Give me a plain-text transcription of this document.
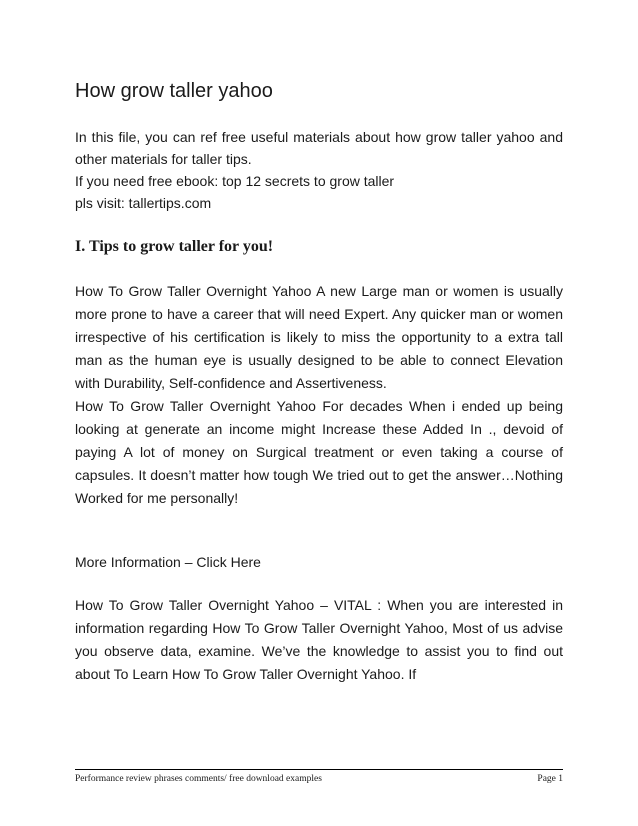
How grow taller yahoo

In this file, you can ref free useful materials about how grow taller yahoo and other materials for taller tips.

If you need free ebook: top 12 secrets to grow taller

pls visit: tallertips.com

I. Tips to grow taller for you!

How To Grow Taller Overnight Yahoo A new Large man or women is usually more prone to have a career that will need Expert. Any quicker man or women irrespective of his certification is likely to miss the opportunity to a extra tall man as the human eye is usually designed to be able to connect Elevation with Durability, Self-confidence and Assertiveness.

How To Grow Taller Overnight Yahoo For decades When i ended up being looking at generate an income might Increase these Added In ., devoid of paying A lot of money on Surgical treatment or even taking a course of capsules. It doesn’t matter how tough We tried out to get the answer…Nothing Worked for me personally!

More Information – Click Here

How To Grow Taller Overnight Yahoo – VITAL : When you are interested in information regarding How To Grow Taller Overnight Yahoo, Most of us advise you observe data, examine. We’ve the knowledge to assist you to find out about To Learn How To Grow Taller Overnight Yahoo. If

Performance review phrases comments/ free download examples	Page 1
